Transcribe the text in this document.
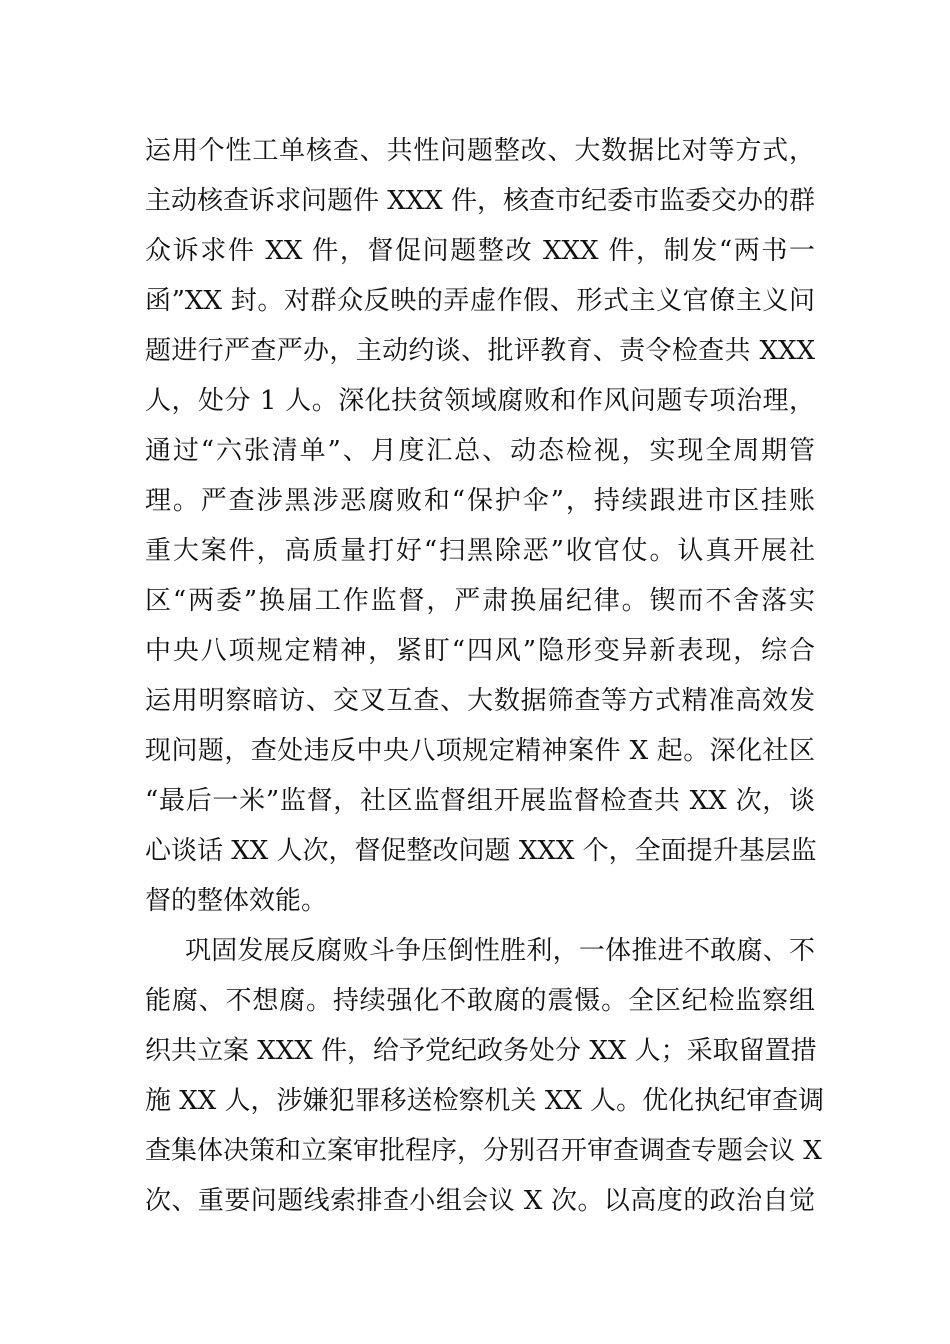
运用个性工单核查、共性问题整改、大数据比对等方式，
主动核查诉求问题件 XXX 件，核查市纪委市监委交办的群
众诉求件 XX 件，督促问题整改 XXX 件，制发“两书一
函”XX 封。对群众反映的弄虚作假、形式主义官僚主义问
题进行严查严办，主动约谈、批评教育、责令检查共 XXX
人，处分 1 人。深化扶贫领域腐败和作风问题专项治理，
通过“六张清单”、月度汇总、动态检视，实现全周期管
理。严查涉黑涉恶腐败和“保护伞”，持续跟进市区挂账
重大案件，高质量打好“扫黑除恶”收官仗。认真开展社
区“两委”换届工作监督，严肃换届纪律。锲而不舍落实
中央八项规定精神，紧盯“四风”隐形变异新表现，综合
运用明察暗访、交叉互查、大数据筛查等方式精准高效发
现问题，查处违反中央八项规定精神案件 X 起。深化社区
“最后一米”监督，社区监督组开展监督检查共 XX 次，谈
心谈话 XX 人次，督促整改问题 XXX 个，全面提升基层监
督的整体效能。
巩固发展反腐败斗争压倒性胜利，一体推进不敢腐、不
能腐、不想腐。持续强化不敢腐的震慑。全区纪检监察组
织共立案 XXX 件，给予党纪政务处分 XX 人；采取留置措
施 XX 人，涉嫌犯罪移送检察机关 XX 人。优化执纪审查调
查集体决策和立案审批程序，分别召开审查调查专题会议 X
次、重要问题线索排查小组会议 X 次。以高度的政治自觉
